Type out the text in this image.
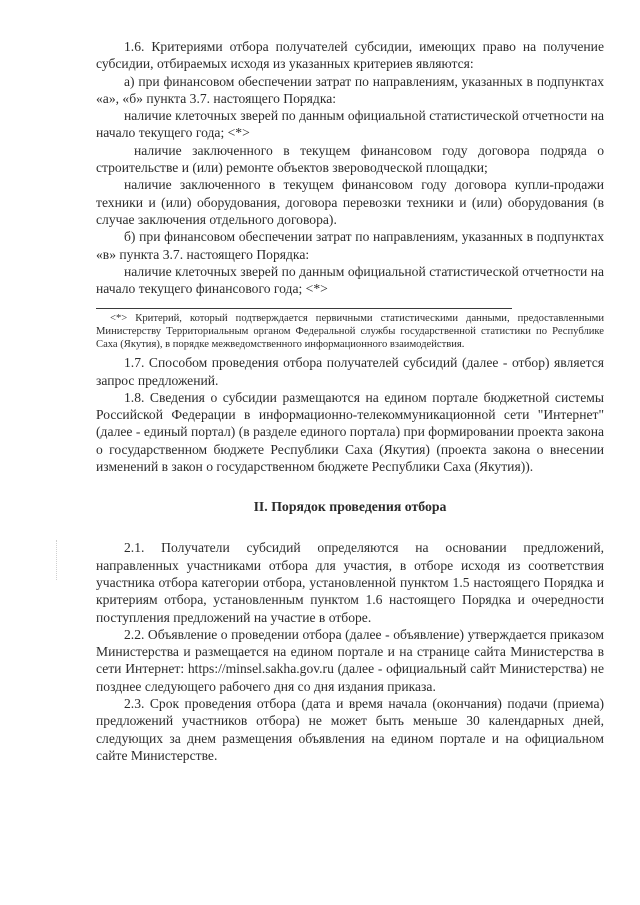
1.6. Критериями отбора получателей субсидии, имеющих право на получение субсидии, отбираемых исходя из указанных критериев являются:

а) при финансовом обеспечении затрат по направлениям, указанных в подпунктах «а», «б» пункта 3.7. настоящего Порядка:

наличие клеточных зверей по данным официальной статистической отчетности на начало текущего года; <*>

наличие заключенного в текущем финансовом году договора подряда о строительстве и (или) ремонте объектов звероводческой площадки;

наличие заключенного в текущем финансовом году договора купли-продажи техники и (или) оборудования, договора перевозки техники и (или) оборудования (в случае заключения отдельного договора).

б) при финансовом обеспечении затрат по направлениям, указанных в подпунктах «в» пункта 3.7. настоящего Порядка:

наличие клеточных зверей по данным официальной статистической отчетности на начало текущего финансового года; <*>

<*> Критерий, который подтверждается первичными статистическими данными, предоставленными Министерству Территориальным органом Федеральной службы государственной статистики по Республике Саха (Якутия), в порядке межведомственного информационного взаимодействия.

1.7. Способом проведения отбора получателей субсидий (далее - отбор) является запрос предложений.

1.8. Сведения о субсидии размещаются на едином портале бюджетной системы Российской Федерации в информационно-телекоммуникационной сети "Интернет" (далее - единый портал) (в разделе единого портала) при формировании проекта закона о государственном бюджете Республики Саха (Якутия) (проекта закона о внесении изменений в закон о государственном бюджете Республики Саха (Якутия)).

II. Порядок проведения отбора

2.1. Получатели субсидий определяются на основании предложений, направленных участниками отбора для участия, в отборе исходя из соответствия участника отбора категории отбора, установленной пунктом 1.5 настоящего Порядка и критериям отбора, установленным пунктом 1.6 настоящего Порядка и очередности поступления предложений на участие в отборе.

2.2. Объявление о проведении отбора (далее - объявление) утверждается приказом Министерства и размещается на едином портале и на странице сайта Министерства в сети Интернет: https://minsel.sakha.gov.ru (далее - официальный сайт Министерства) не позднее следующего рабочего дня со дня издания приказа.

2.3. Срок проведения отбора (дата и время начала (окончания) подачи (приема) предложений участников отбора) не может быть меньше 30 календарных дней, следующих за днем размещения объявления на едином портале и на официальном сайте Министерстве.
